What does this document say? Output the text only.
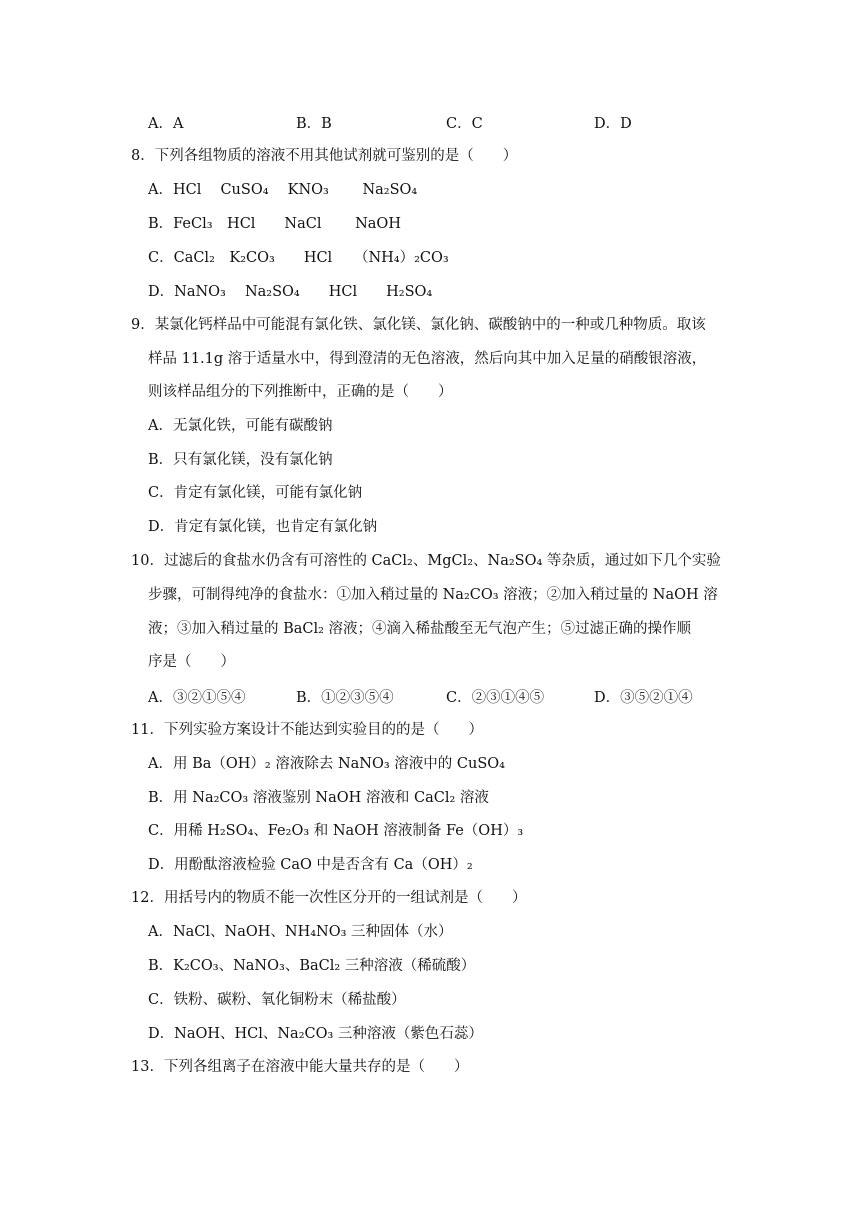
A．A	B．B	C．C	D．D
8．下列各组物质的溶液不用其他试剂就可鉴别的是（　　）
A．HCl　 CuSO₄　 KNO₃　　 Na₂SO₄
B．FeCl₃　HCl　　NaCl　　 NaOH
C．CaCl₂　K₂CO₃　　HCl　　（NH₄）₂CO₃
D．NaNO₃　 Na₂SO₄　　HCl　　H₂SO₄
9．某氯化钙样品中可能混有氯化铁、氯化镁、氯化钠、碳酸钠中的一种或几种物质。取该
样品 11.1g 溶于适量水中，得到澄清的无色溶液，然后向其中加入足量的硝酸银溶液，
则该样品组分的下列推断中，正确的是（　　）
A．无氯化铁，可能有碳酸钠
B．只有氯化镁，没有氯化钠
C．肯定有氯化镁，可能有氯化钠
D．肯定有氯化镁，也肯定有氯化钠
10．过滤后的食盐水仍含有可溶性的 CaCl₂、MgCl₂、Na₂SO₄ 等杂质，通过如下几个实验
步骤，可制得纯净的食盐水：①加入稍过量的 Na₂CO₃ 溶液；②加入稍过量的 NaOH 溶
液；③加入稍过量的 BaCl₂ 溶液；④滴入稀盐酸至无气泡产生；⑤过滤正确的操作顺
序是（　　）
A．③②①⑤④	B．①②③⑤④	C．②③①④⑤	D．③⑤②①④
11．下列实验方案设计不能达到实验目的的是（　　）
A．用 Ba（OH）₂ 溶液除去 NaNO₃ 溶液中的 CuSO₄
B．用 Na₂CO₃ 溶液鉴别 NaOH 溶液和 CaCl₂ 溶液
C．用稀 H₂SO₄、Fe₂O₃ 和 NaOH 溶液制备 Fe（OH）₃
D．用酚酞溶液检验 CaO 中是否含有 Ca（OH）₂
12．用括号内的物质不能一次性区分开的一组试剂是（　　）
A．NaCl、NaOH、NH₄NO₃ 三种固体（水）
B．K₂CO₃、NaNO₃、BaCl₂ 三种溶液（稀硫酸）
C．铁粉、碳粉、氧化铜粉末（稀盐酸）
D．NaOH、HCl、Na₂CO₃ 三种溶液（紫色石蕊）
13．下列各组离子在溶液中能大量共存的是（　　）
